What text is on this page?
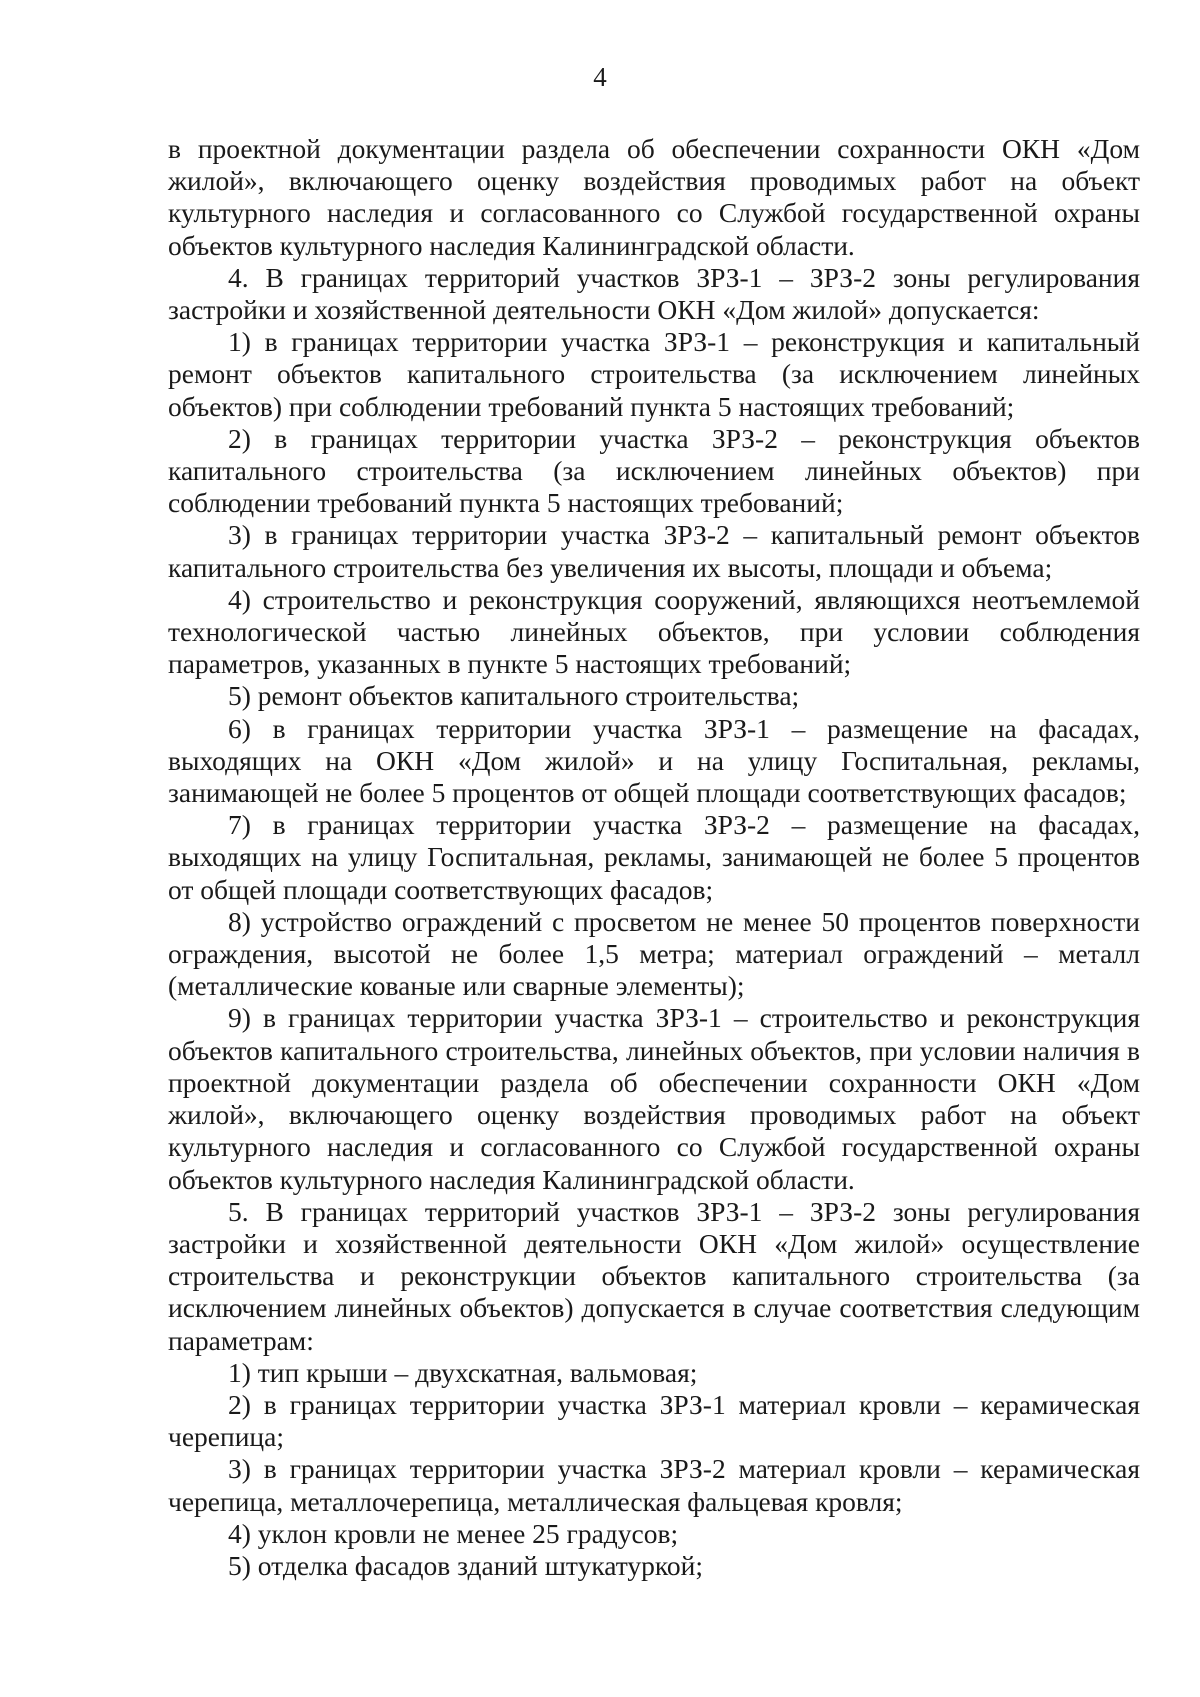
4

в проектной документации раздела об обеспечении сохранности ОКН «Дом жилой», включающего оценку воздействия проводимых работ на объект культурного наследия и согласованного со Службой государственной охраны объектов культурного наследия Калининградской области.

4. В границах территорий участков ЗРЗ-1 – ЗРЗ-2 зоны регулирования застройки и хозяйственной деятельности ОКН «Дом жилой» допускается:

1) в границах территории участка ЗРЗ-1 – реконструкция и капитальный ремонт объектов капитального строительства (за исключением линейных объектов) при соблюдении требований пункта 5 настоящих требований;

2) в границах территории участка ЗРЗ-2 – реконструкция объектов капитального строительства (за исключением линейных объектов) при соблюдении требований пункта 5 настоящих требований;

3) в границах территории участка ЗРЗ-2 – капитальный ремонт объектов капитального строительства без увеличения их высоты, площади и объема;

4) строительство и реконструкция сооружений, являющихся неотъемлемой технологической частью линейных объектов, при условии соблюдения параметров, указанных в пункте 5 настоящих требований;

5) ремонт объектов капитального строительства;

6) в границах территории участка ЗРЗ-1 – размещение на фасадах, выходящих на ОКН «Дом жилой» и на улицу Госпитальная, рекламы, занимающей не более 5 процентов от общей площади соответствующих фасадов;

7) в границах территории участка ЗРЗ-2 – размещение на фасадах, выходящих на улицу Госпитальная, рекламы, занимающей не более 5 процентов от общей площади соответствующих фасадов;

8) устройство ограждений с просветом не менее 50 процентов поверхности ограждения, высотой не более 1,5 метра; материал ограждений – металл (металлические кованые или сварные элементы);

9) в границах территории участка ЗРЗ-1 – строительство и реконструкция объектов капитального строительства, линейных объектов, при условии наличия в проектной документации раздела об обеспечении сохранности ОКН «Дом жилой», включающего оценку воздействия проводимых работ на объект культурного наследия и согласованного со Службой государственной охраны объектов культурного наследия Калининградской области.

5. В границах территорий участков ЗРЗ-1 – ЗРЗ-2 зоны регулирования застройки и хозяйственной деятельности ОКН «Дом жилой» осуществление строительства и реконструкции объектов капитального строительства (за исключением линейных объектов) допускается в случае соответствия следующим параметрам:

1) тип крыши – двухскатная, вальмовая;

2) в границах территории участка ЗРЗ-1 материал кровли – керамическая черепица;

3) в границах территории участка ЗРЗ-2 материал кровли – керамическая черепица, металлочерепица, металлическая фальцевая кровля;

4) уклон кровли не менее 25 градусов;

5) отделка фасадов зданий штукатуркой;
